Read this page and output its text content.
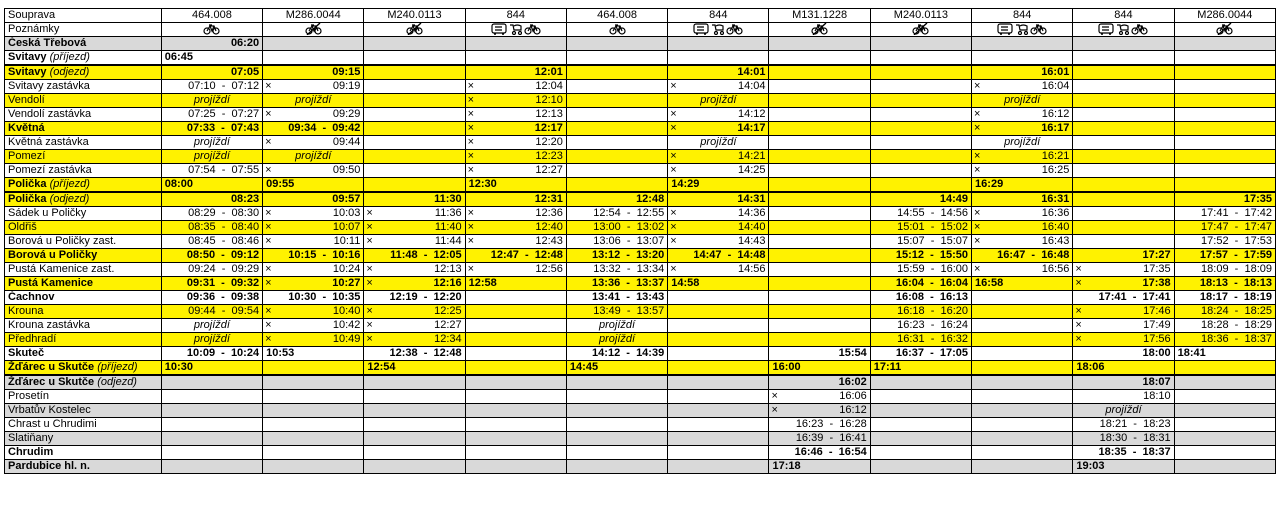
Souprava	464.008	M286.0044	M240.0113	844	464.008	844	M131.1228	M240.0113	844	844	M286.0044
Poznámky											
Česká Třebová	06:20										
Svitavy (příjezd)	06:45										
Svitavy (odjezd)	07:05	09:15		12:01		14:01			16:01		
Svitavy zastávka	07:10  -  07:12	× 09:19		× 12:04		× 14:04			× 16:04		
Vendolí	projíždí	projíždí		× 12:10		projíždí			projíždí		
Vendolí zastávka	07:25  -  07:27	× 09:29		× 12:13		× 14:12			× 16:12		
Květná	07:33  -  07:43	09:34  -  09:42		× 12:17		× 14:17			× 16:17		
Květná zastávka	projíždí	× 09:44		× 12:20		projíždí			projíždí		
Pomezí	projíždí	projíždí		× 12:23		× 14:21			× 16:21		
Pomezí zastávka	07:54  -  07:55	× 09:50		× 12:27		× 14:25			× 16:25		
Polička (příjezd)	08:00	09:55		12:30		14:29			16:29		
Polička (odjezd)	08:23	09:57	11:30	12:31	12:48	14:31		14:49	16:31		17:35
Sádek u Poličky	08:29  -  08:30	× 10:03	× 11:36	× 12:36	12:54  -  12:55	× 14:36		14:55  -  14:56	× 16:36		17:41  -  17:42
Oldřiš	08:35  -  08:40	× 10:07	× 11:40	× 12:40	13:00  -  13:02	× 14:40		15:01  -  15:02	× 16:40		17:47  -  17:47
Borová u Poličky zast.	08:45  -  08:46	× 10:11	× 11:44	× 12:43	13:06  -  13:07	× 14:43		15:07  -  15:07	× 16:43		17:52  -  17:53
Borová u Poličky	08:50  -  09:12	10:15  -  10:16	11:48  -  12:05	12:47  -  12:48	13:12  -  13:20	14:47  -  14:48		15:12  -  15:50	16:47  -  16:48	17:27	17:57  -  17:59
Pustá Kamenice zast.	09:24  -  09:29	× 10:24	× 12:13	× 12:56	13:32  -  13:34	× 14:56		15:59  -  16:00	× 16:56	× 17:35	18:09  -  18:09
Pustá Kamenice	09:31  -  09:32	× 10:27	× 12:16	12:58	13:36  -  13:37	14:58		16:04  -  16:04	16:58	× 17:38	18:13  -  18:13
Čachnov	09:36  -  09:38	10:30  -  10:35	12:19  -  12:20		13:41  -  13:43			16:08  -  16:13		17:41  -  17:41	18:17  -  18:19
Krouna	09:44  -  09:54	× 10:40	× 12:25		13:49  -  13:57			16:18  -  16:20		× 17:46	18:24  -  18:25
Krouna zastávka	projíždí	× 10:42	× 12:27		projíždí			16:23  -  16:24		× 17:49	18:28  -  18:29
Předhradí	projíždí	× 10:49	× 12:34		projíždí			16:31  -  16:32		× 17:56	18:36  -  18:37
Skuteč	10:09  -  10:24	10:53	12:38  -  12:48		14:12  -  14:39		15:54	16:37  -  17:05		18:00	18:41
Žďárec u Skutče (příjezd)	10:30		12:54		14:45		16:00	17:11		18:06	
Žďárec u Skutče (odjezd)							16:02			18:07	
Prosetín							× 16:06			18:10	
Vrbatův Kostelec							× 16:12			projíždí	
Chrast u Chrudimi							16:23  -  16:28			18:21  -  18:23	
Slatiňany							16:39  -  16:41			18:30  -  18:31	
Chrudim							16:46  -  16:54			18:35  -  18:37	
Pardubice hl. n.							17:18			19:03	
